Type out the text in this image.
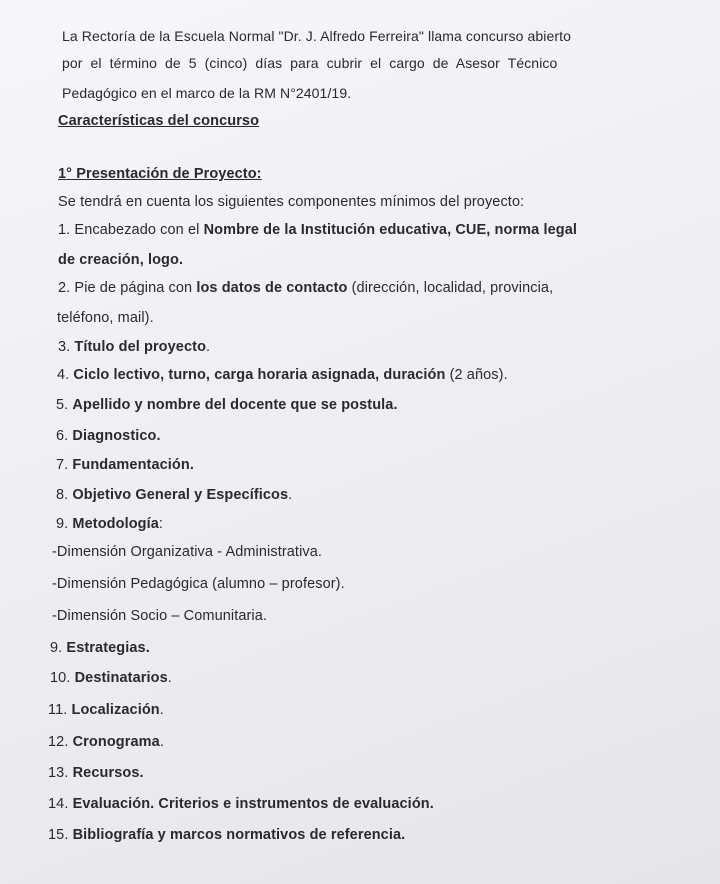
La Rectoría de la Escuela Normal "Dr. J. Alfredo Ferreira" llama concurso abierto
por el término de 5 (cinco) días para cubrir el cargo de Asesor Técnico
Pedagógico en el marco de la RM N°2401/19.
Características del concurso
1° Presentación de Proyecto:
Se tendrá en cuenta los siguientes componentes mínimos del proyecto:
1. Encabezado con el Nombre de la Institución educativa, CUE, norma legal
de creación, logo.
2. Pie de página con los datos de contacto (dirección, localidad, provincia,
teléfono, mail).
3. Título del proyecto.
4. Ciclo lectivo, turno, carga horaria asignada, duración (2 años).
5. Apellido y nombre del docente que se postula.
6. Diagnostico.
7. Fundamentación.
8. Objetivo General y Específicos.
9. Metodología:
-Dimensión Organizativa - Administrativa.
-Dimensión Pedagógica (alumno – profesor).
-Dimensión Socio – Comunitaria.
9. Estrategias.
10. Destinatarios.
11. Localización.
12. Cronograma.
13. Recursos.
14. Evaluación. Criterios e instrumentos de evaluación.
15. Bibliografía y marcos normativos de referencia.
